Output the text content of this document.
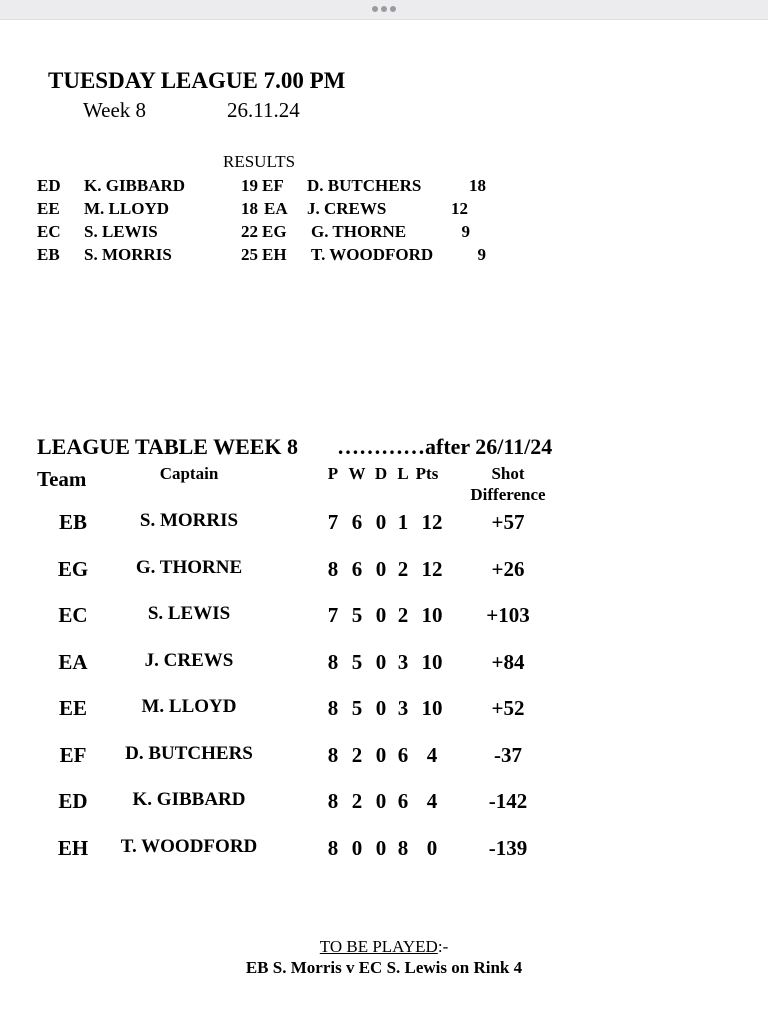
TUESDAY LEAGUE 7.00 PM
Week 8	26.11.24
RESULTS
ED K. GIBBARD	19 EF D. BUTCHERS	18
EE M. LLOYD	18 EA J. CREWS	12
EC S. LEWIS	22 EG G. THORNE	9
EB S. MORRIS	25 EH T. WOODFORD	9
LEAGUE TABLE WEEK 8 …………after 26/11/24
Team	Captain	P W D L Pts	Shot
Difference
EB	S. MORRIS	7 6 0 1 12	+57
EG	G. THORNE	8 6 0 2 12	+26
EC	S. LEWIS	7 5 0 2 10	+103
EA	J. CREWS	8 5 0 3 10	+84
EE	M. LLOYD	8 5 0 3 10	+52
EF	D. BUTCHERS	8 2 0 6 4	-37
ED	K. GIBBARD	8 2 0 6 4	-142
EH	T. WOODFORD	8 0 0 8 0	-139
TO BE PLAYED:-
EB S. Morris v EC S. Lewis on Rink 4
